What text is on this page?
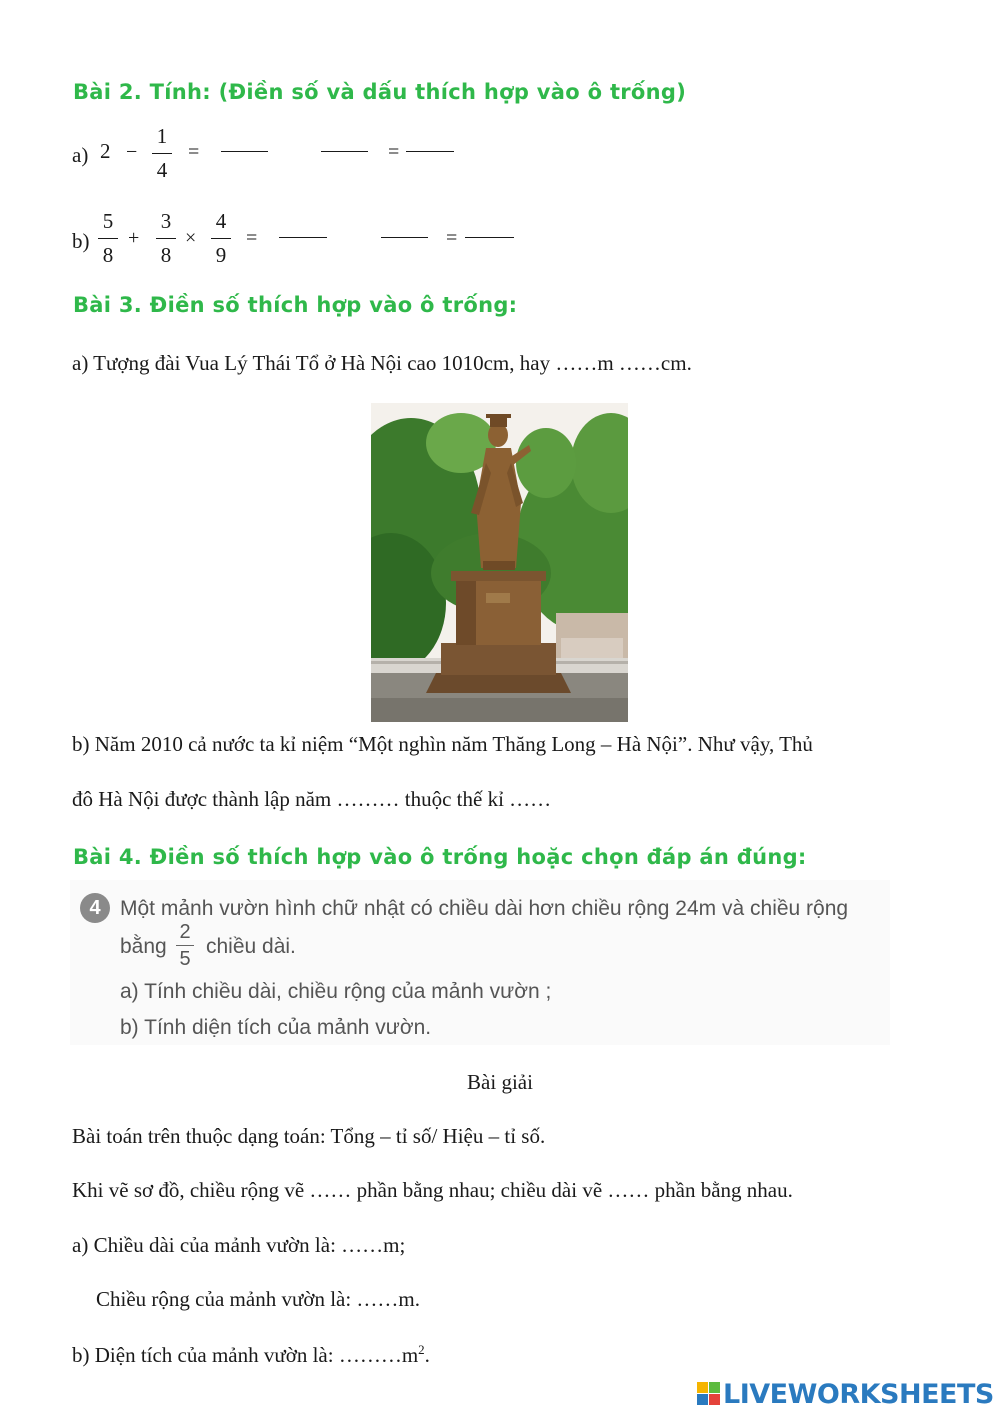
Bài 2. Tính: (Điền số và dấu thích hợp vào ô trống)
a) 2 −
1
4
=	=
b)
5
8
+
3
8
×
4
9
=	=
Bài 3. Điền số thích hợp vào ô trống:
a) Tượng đài Vua Lý Thái Tổ ở Hà Nội cao 1010cm, hay ……m ……cm.
b) Năm 2010 cả nước ta kỉ niệm “Một nghìn năm Thăng Long – Hà Nội”. Như vậy, Thủ
đô Hà Nội được thành lập năm ……… thuộc thế kỉ ……
Bài 4. Điền số thích hợp vào ô trống hoặc chọn đáp án đúng:
4 Một mảnh vườn hình chữ nhật có chiều dài hơn chiều rộng 24m và chiều rộng
bằng
2
5
chiều dài.
a) Tính chiều dài, chiều rộng của mảnh vườn ;
b) Tính diện tích của mảnh vườn.
Bài giải
Bài toán trên thuộc dạng toán: Tổng – tỉ số/ Hiệu – tỉ số.
Khi vẽ sơ đồ, chiều rộng vẽ …… phần bằng nhau; chiều dài vẽ …… phần bằng nhau.
a) Chiều dài của mảnh vườn là: ……m;
Chiều rộng của mảnh vườn là: ……m.
b) Diện tích của mảnh vườn là: $\dots\dots\dots m^2$.
LIVEWORKSHEETS
